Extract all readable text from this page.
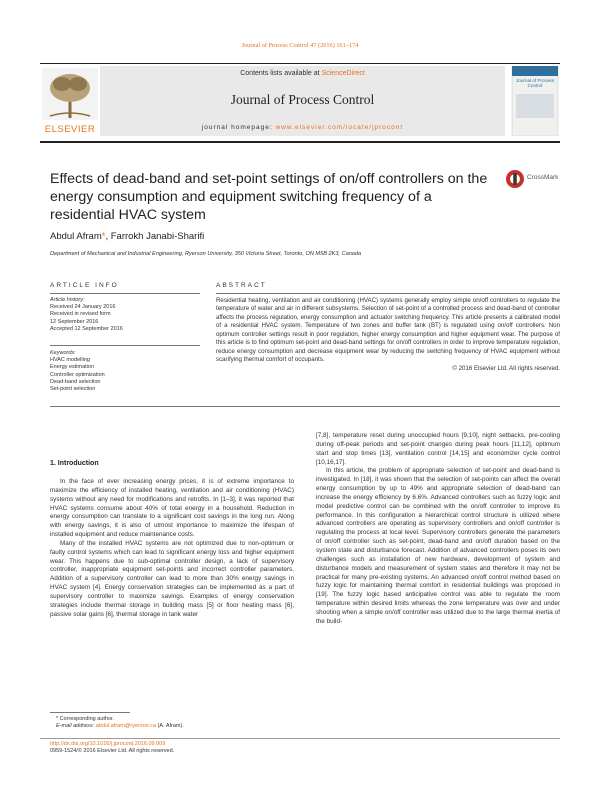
Journal of Process Control 47 (2016) 161–174
ELSEVIER
Contents lists available at ScienceDirect
Journal of Process Control
journal homepage: www.elsevier.com/locate/jprocont
Journal of Process Control
Effects of dead-band and set-point settings of on/off controllers on the energy consumption and equipment switching frequency of a residential HVAC system
CrossMark
Abdul Afram*, Farrokh Janabi-Sharifi
Department of Mechanical and Industrial Engineering, Ryerson University, 350 Victoria Street, Toronto, ON M5B 2K3, Canada
ARTICLE INFO
Article history:
Received 24 January 2016
Received in revised form
12 September 2016
Accepted 12 September 2016
Keywords:
HVAC modelling
Energy estimation
Controller optimization
Dead-band selection
Set-point selection
ABSTRACT
Residential heating, ventilation and air conditioning (HVAC) systems generally employ simple on/off controllers to regulate the temperature of water and air in different subsystems. Selection of set-point of a controlled process and dead-band of controller affects the process regulation, energy consumption and actuator switching frequency. This article presents a calibrated model of a residential HVAC system. Temperature of two zones and buffer tank (BT) is regulated using on/off controllers. Non optimum controller settings result in poor regulation, higher energy consumption and higher equipment wear. The purpose of this article is to find optimum set-point and dead-band settings for on/off controllers in order to improve temperature regulation, reduce energy consumption and decrease equipment wear by reducing the switching frequency of HVAC equipment without scarifying thermal comfort of occupants.
© 2016 Elsevier Ltd. All rights reserved.
1. Introduction

In the face of ever increasing energy prices, it is of extreme importance to maximize the efficiency of installed heating, ventilation and air conditioning (HVAC) systems without any need for modifications and retrofits. In [1–3], it was reported that HVAC systems consume about 40% of total energy in a household. Reduction in energy consumption can translate to a significant cost savings in the long run. Along with energy savings, it is also of utmost importance to maximize the lifespan of installed equipment and reduce maintenance costs.

Many of the installed HVAC systems are not optimized due to non-optimum or faulty control systems which can lead to significant energy loss and higher equipment wear. This happens due to sub-optimal controller design, a lack of supervisory controller, inappropriate equipment set-points and incorrect controller parameters. Addition of a supervisory controller can lead to more than 30% energy savings in HVAC system [4]. Energy conservation strategies can be implemented as a part of supervisory controller to maximize savings. Examples of energy conservation strategies include thermal storage in building mass [5] or floor heating mass [6], passive solar gains [6], thermal storage in tank water

[7,8], temperature reset during unoccupied hours [9,10], night setbacks, pre-cooling during off-peak periods and set-point changes during peak hours [11,12], optimum start and stop times [13], ventilation control [14,15] and economizer cycle control [10,16,17].

In this article, the problem of appropriate selection of set-point and dead-band is investigated. In [18], it was shown that the selection of set-points can affect the overall energy consumption by up to 49% and appropriate selection of dead-band can increase the energy efficiency by 6.6%. Advanced controllers such as fuzzy logic and model predictive control can be combined with the on/off controller to improve its performance. In this configuration a hierarchical control structure is utilized where advanced controllers are operating as supervisory controllers and on/off controller is regulating the process at local level. Supervisory controllers generate the parameters of on/off controller such as set-point, dead-band and on/off duration based on the system state and disturbance forecast. Addition of advanced controllers poses its own challenges such as installation of new hardware, development of system and disturbance models and measurement of system states and therefore it may not be practical for many pre-existing systems. An advanced on/off control method based on fuzzy logic for maintaining thermal comfort in residential buildings was proposed in [19]. The fuzzy logic based anticipative control was able to regulate the room temperature within desired limits whereas the zone temperature was over and under shooting when a simple on/off controller was utilized due to the large thermal inertia of the build-

* Corresponding author.
E-mail address: abdul.afram@ryerson.ca (A. Afram).
http://dx.doi.org/10.1016/j.jprocont.2016.09.009
0959-1524/© 2016 Elsevier Ltd. All rights reserved.
